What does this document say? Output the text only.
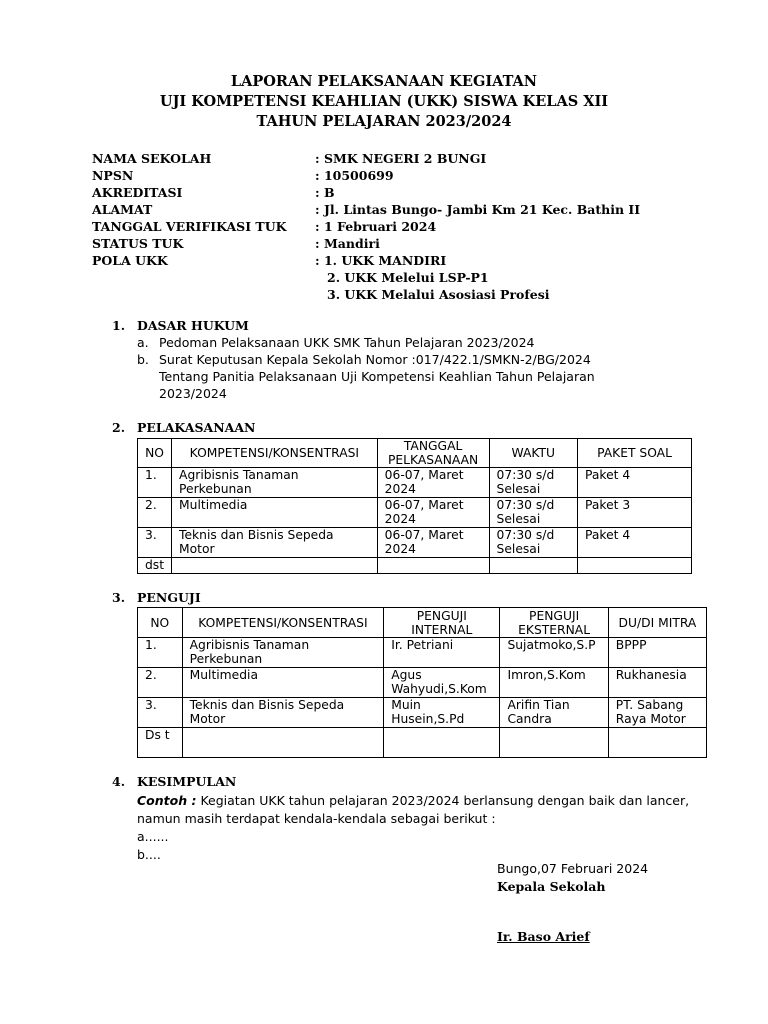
LAPORAN PELAKSANAAN KEGIATAN
UJI KOMPETENSI KEAHLIAN (UKK) SISWA KELAS XII
TAHUN PELAJARAN 2023/2024
NAMA SEKOLAH	: SMK NEGERI 2 BUNGI
NPSN	: 10500699
AKREDITASI	: B
ALAMAT	: Jl. Lintas Bungo- Jambi Km 21 Kec. Bathin II
TANGGAL VERIFIKASI TUK : 1 Februari 2024
STATUS TUK	: Mandiri
POLA UKK	: 1. UKK MANDIRI
2. UKK Melelui LSP-P1
3. UKK Melalui Asosiasi Profesi
1. DASAR HUKUM
a. Pedoman Pelaksanaan UKK SMK Tahun Pelajaran 2023/2024
b. Surat Keputusan Kepala Sekolah Nomor :017/422.1/SMKN-2/BG/2024
Tentang Panitia Pelaksanaan Uji Kompetensi Keahlian Tahun Pelajaran
2023/2024
2. PELAKASANAAN
NO	KOMPETENSI/KONSENTRASI	TANGGAL PELKASANAAN	WAKTU	PAKET SOAL
1.	Agribisnis Tanaman Perkebunan	06-07, Maret 2024	07:30 s/d Selesai	Paket 4
2.	Multimedia	06-07, Maret 2024	07:30 s/d Selesai	Paket 3
3.	Teknis dan Bisnis Sepeda Motor	06-07, Maret 2024	07:30 s/d Selesai	Paket 4
dst				
3. PENGUJI
NO	KOMPETENSI/KONSENTRASI	PENGUJI INTERNAL	PENGUJI EKSTERNAL	DU/DI MITRA
1.	Agribisnis Tanaman Perkebunan	Ir. Petriani	Sujatmoko,S.P	BPPP
2.	Multimedia	Agus Wahyudi,S.Kom	Imron,S.Kom	Rukhanesia
3.	Teknis dan Bisnis Sepeda Motor	Muin Husein,S.Pd	Arifin Tian Candra	PT. Sabang Raya Motor
Ds t				
4. KESIMPULAN
Contoh : Kegiatan UKK tahun pelajaran 2023/2024 berlansung dengan baik dan lancer, namun masih terdapat kendala-kendala sebagai berikut :
a......
b....
Bungo,07 Februari 2024
Kepala Sekolah
Ir. Baso Arief
